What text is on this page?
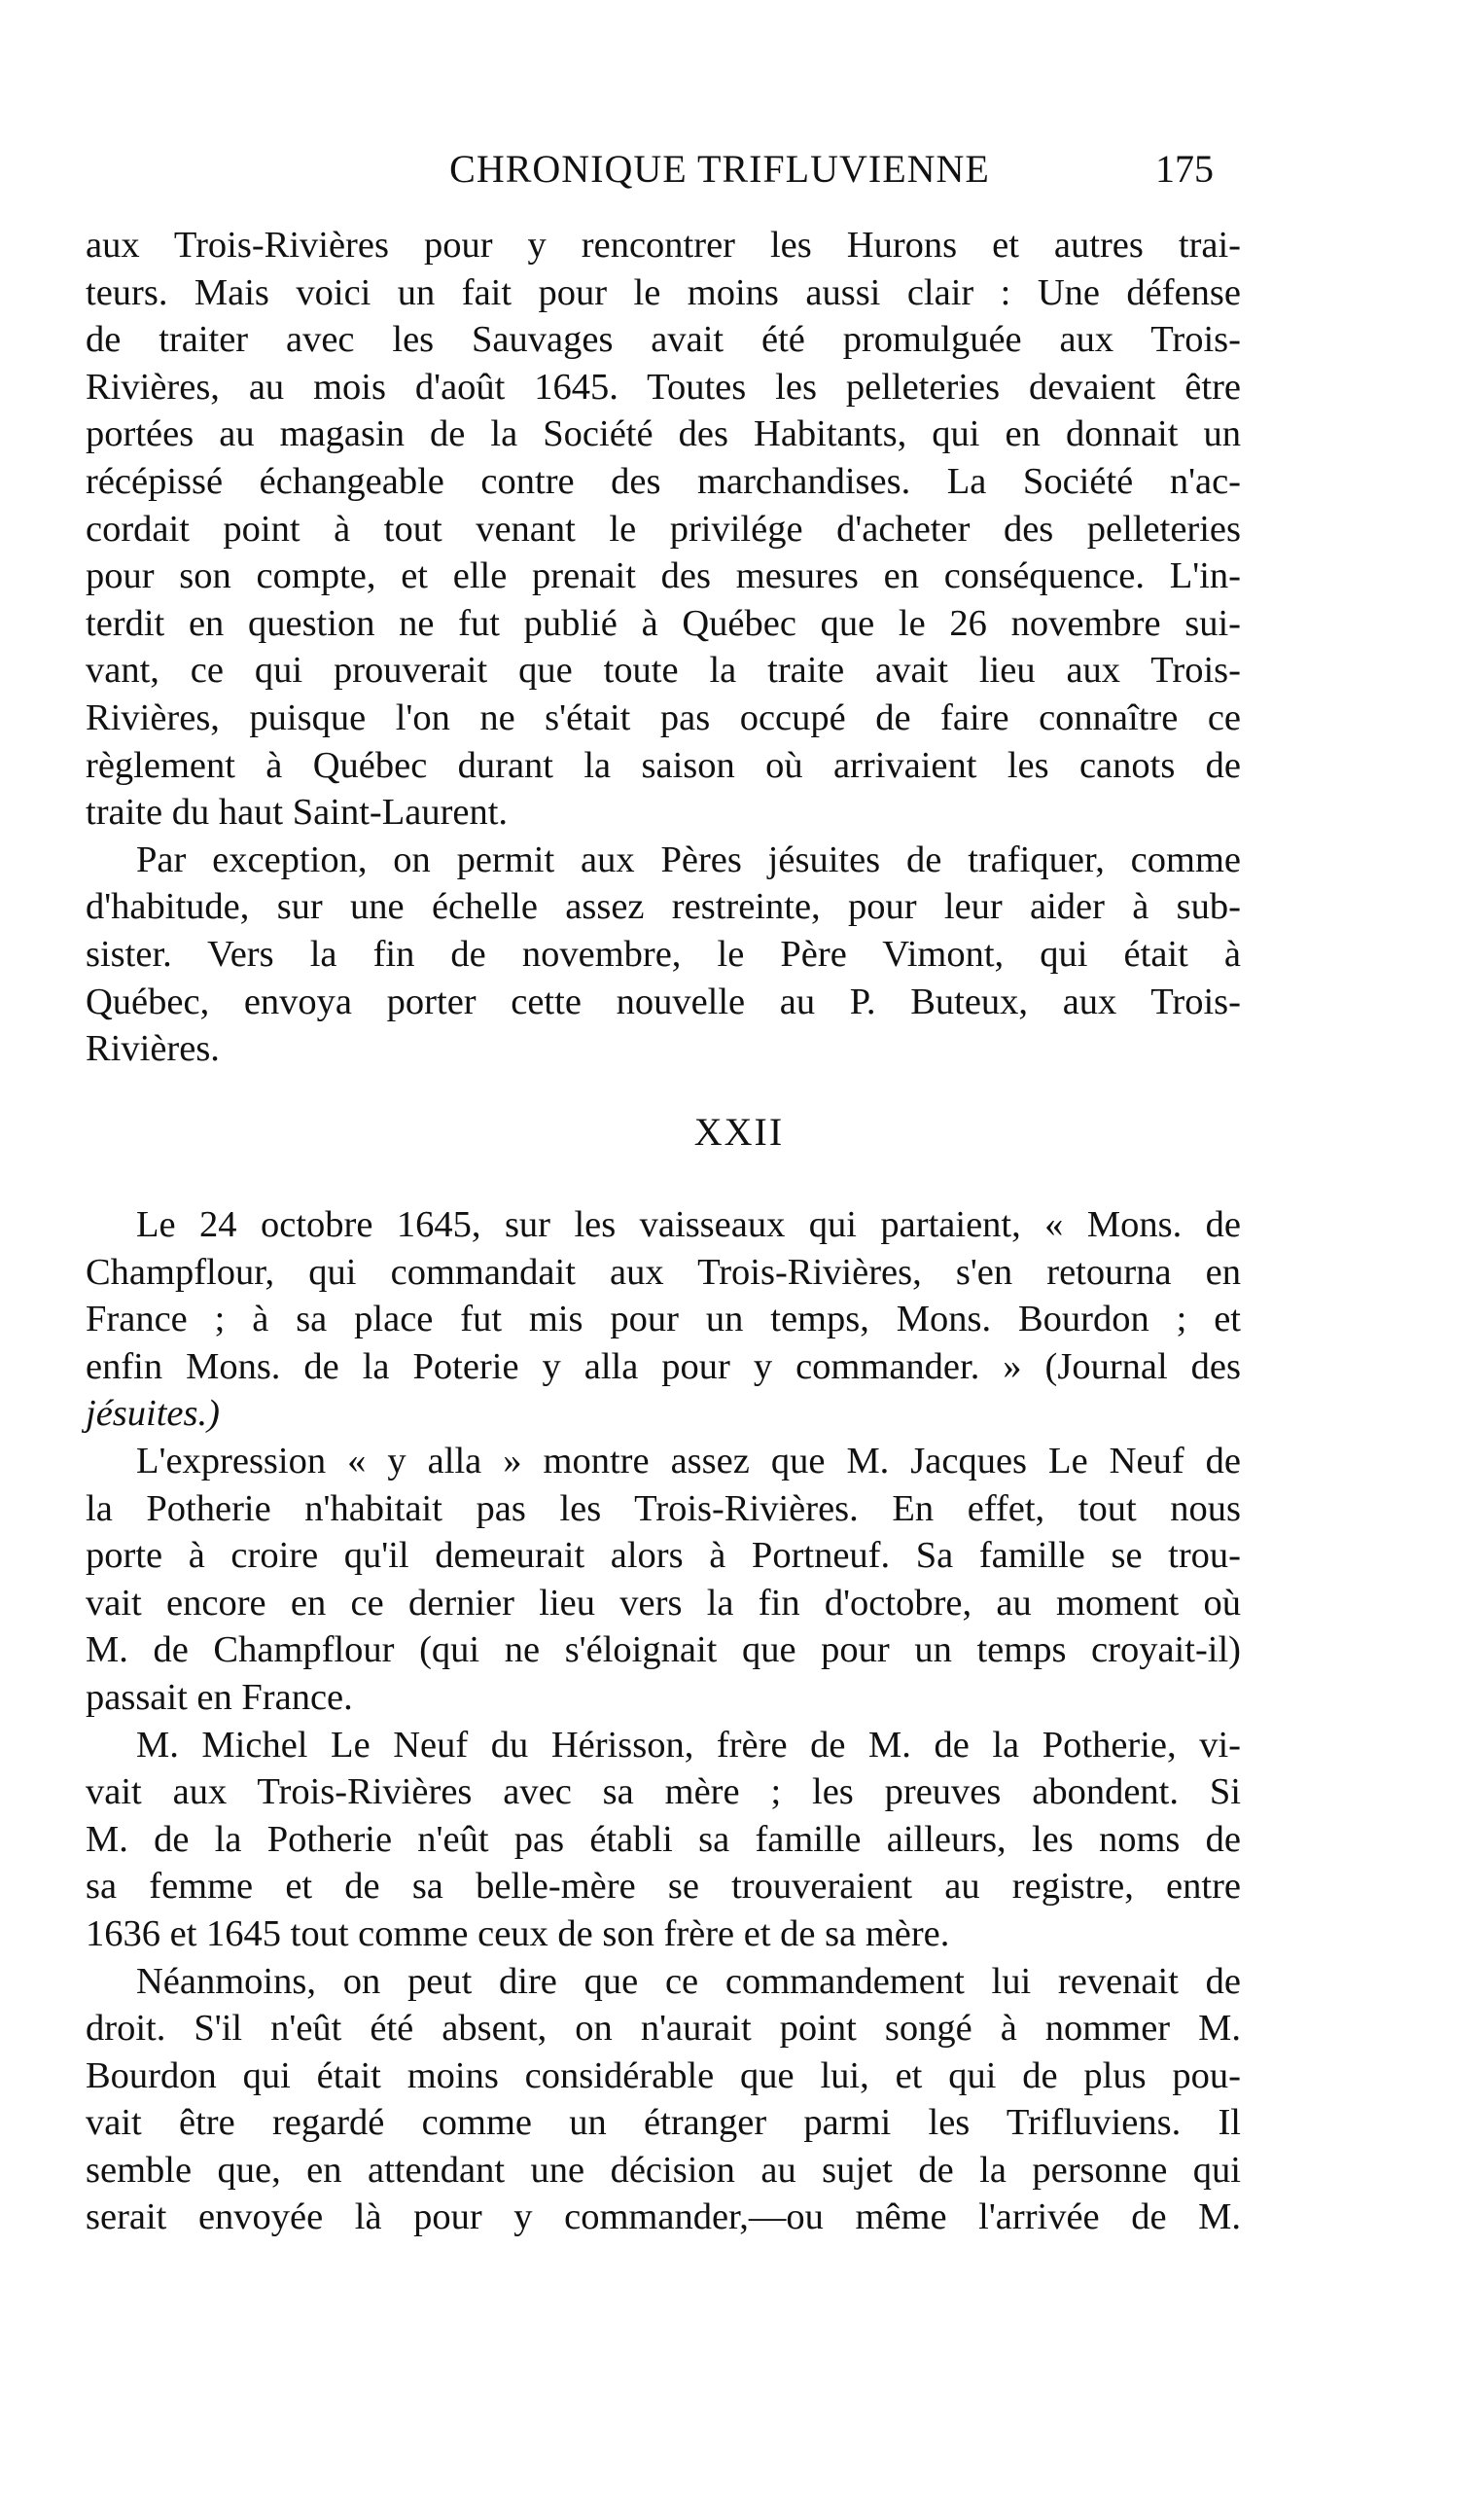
CHRONIQUE TRIFLUVIENNE	175
aux Trois-Rivières pour y rencontrer les Hurons et autres trai-
teurs. Mais voici un fait pour le moins aussi clair : Une défense
de traiter avec les Sauvages avait été promulguée aux Trois-
Rivières, au mois d'août 1645. Toutes les pelleteries devaient être
portées au magasin de la Société des Habitants, qui en donnait un
récépissé échangeable contre des marchandises. La Société n'ac-
cordait point à tout venant le privilége d'acheter des pelleteries
pour son compte, et elle prenait des mesures en conséquence. L'in-
terdit en question ne fut publié à Québec que le 26 novembre sui-
vant, ce qui prouverait que toute la traite avait lieu aux Trois-
Rivières, puisque l'on ne s'était pas occupé de faire connaître ce
règlement à Québec durant la saison où arrivaient les canots de
traite du haut Saint-Laurent.
Par exception, on permit aux Pères jésuites de trafiquer, comme
d'habitude, sur une échelle assez restreinte, pour leur aider à sub-
sister. Vers la fin de novembre, le Père Vimont, qui était à
Québec, envoya porter cette nouvelle au P. Buteux, aux Trois-
Rivières.
XXII
Le 24 octobre 1645, sur les vaisseaux qui partaient, « Mons. de
Champflour, qui commandait aux Trois-Rivières, s'en retourna en
France ; à sa place fut mis pour un temps, Mons. Bourdon ; et
enfin Mons. de la Poterie y alla pour y commander. » (Journal des
jésuites.)
L'expression « y alla » montre assez que M. Jacques Le Neuf de
la Potherie n'habitait pas les Trois-Rivières. En effet, tout nous
porte à croire qu'il demeurait alors à Portneuf. Sa famille se trou-
vait encore en ce dernier lieu vers la fin d'octobre, au moment où
M. de Champflour (qui ne s'éloignait que pour un temps croyait-il)
passait en France.
M. Michel Le Neuf du Hérisson, frère de M. de la Potherie, vi-
vait aux Trois-Rivières avec sa mère ; les preuves abondent. Si
M. de la Potherie n'eût pas établi sa famille ailleurs, les noms de
sa femme et de sa belle-mère se trouveraient au registre, entre
1636 et 1645 tout comme ceux de son frère et de sa mère.
Néanmoins, on peut dire que ce commandement lui revenait de
droit. S'il n'eût été absent, on n'aurait point songé à nommer M.
Bourdon qui était moins considérable que lui, et qui de plus pou-
vait être regardé comme un étranger parmi les Trifluviens. Il
semble que, en attendant une décision au sujet de la personne qui
serait envoyée là pour y commander,—ou même l'arrivée de M.
